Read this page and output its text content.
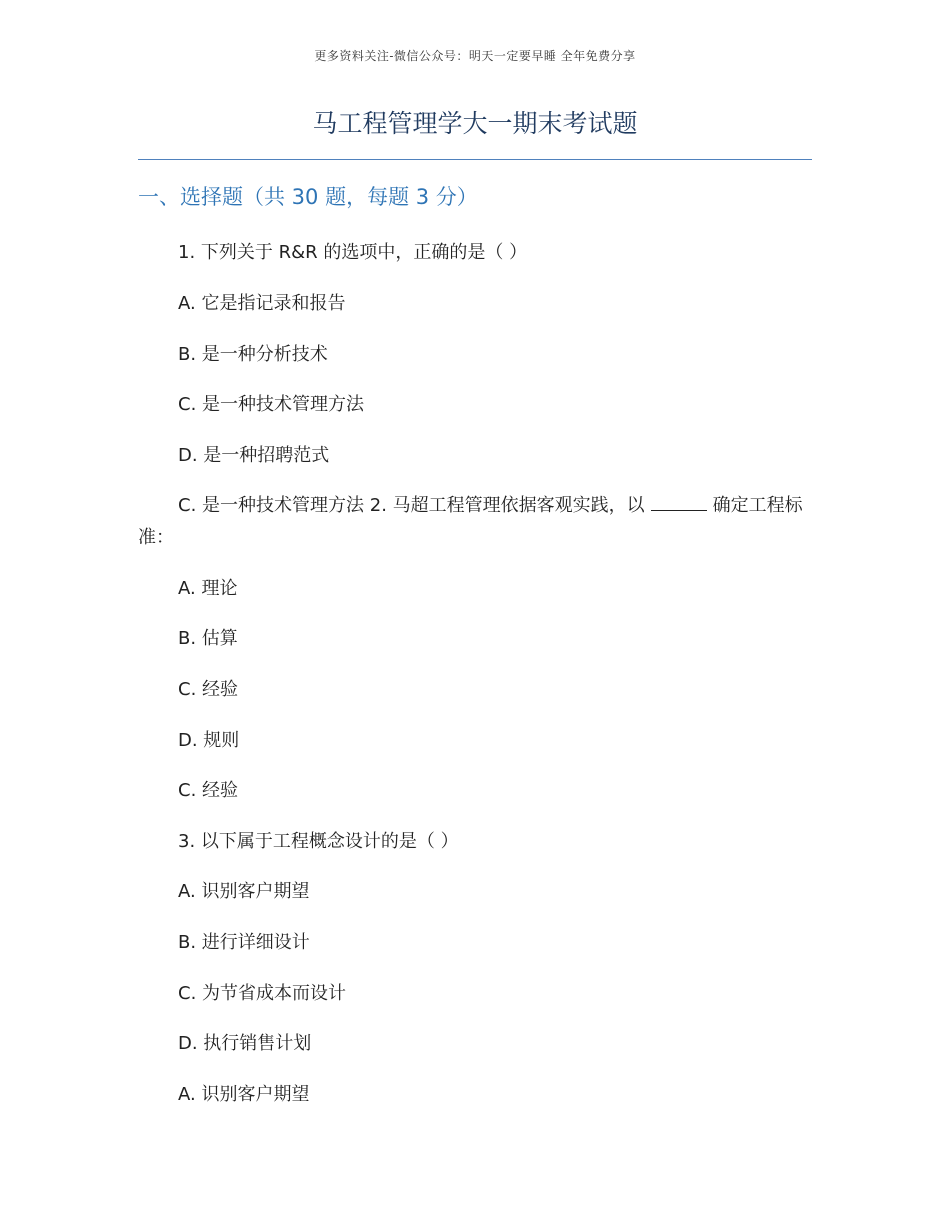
更多资料关注-微信公众号：明天一定要早睡 全年免费分享
马工程管理学大一期末考试题
一、选择题（共 30 题，每题 3 分）
1. 下列关于 R&R 的选项中，正确的是（ ）
A. 它是指记录和报告
B. 是一种分析技术
C. 是一种技术管理方法
D. 是一种招聘范式
C. 是一种技术管理方法 2. 马超工程管理依据客观实践，以	确定工程标准：
A. 理论
B. 估算
C. 经验
D. 规则
C. 经验
3. 以下属于工程概念设计的是（ ）
A. 识别客户期望
B. 进行详细设计
C. 为节省成本而设计
D. 执行销售计划
A. 识别客户期望
